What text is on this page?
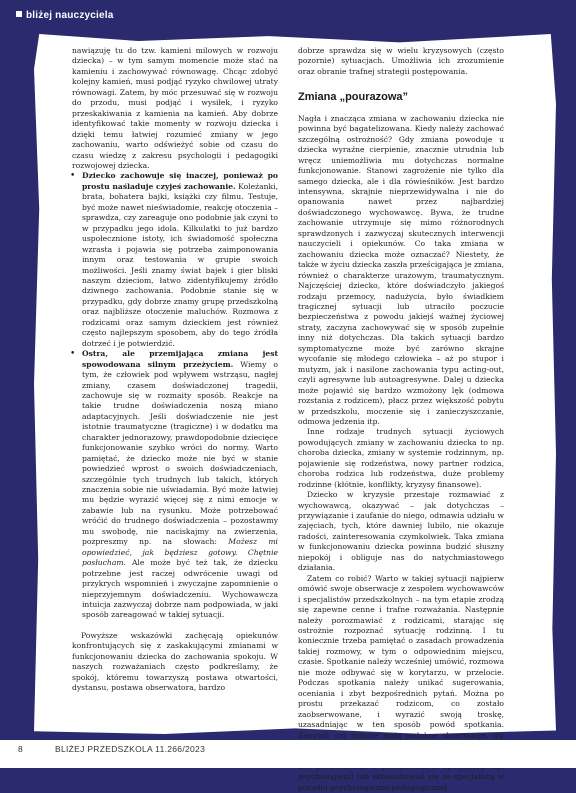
bliżej nauczyciela

nawiązuję tu do tzw. kamieni milowych w rozwoju dziecka) – w tym samym momencie może stać na kamieniu i zachowywać równowagę. Chcąc zdobyć kolejny kamień, musi podjąć ryzyko chwilowej utraty równowagi. Zatem, by móc przesuwać się w rozwoju do przodu, musi podjąć i wysiłek, i ryzyko przeskakiwania z kamienia na kamień. Aby dobrze identyfikować takie momenty w rozwoju dziecka i dzięki temu łatwiej rozumieć zmiany w jego zachowaniu, warto odświeżyć sobie od czasu do czasu wiedzę z zakresu psychologii i pedagogiki rozwojowej dziecka.

• Dziecko zachowuje się inaczej, ponieważ po prostu naśladuje czyjeś zachowanie. Koleżanki, brata, bohatera bajki, książki czy filmu. Testuje, być może nawet nieświadomie, reakcję otoczenia – sprawdza, czy zareaguje ono podobnie jak czyni to w przypadku jego idola. Kilkulatki to już bardzo uspołecznione istoty, ich świadomość społeczna wzrasta i pojawia się potrzeba zaimponowania innym oraz testowania w grupie swoich możliwości. Jeśli znamy świat bajek i gier bliski naszym dzieciom, łatwo zidentyfikujemy źródło dziwnego zachowania. Podobnie stanie się w przypadku, gdy dobrze znamy grupę przedszkolną oraz najbliższe otoczenie maluchów. Rozmowa z rodzicami oraz samym dzieckiem jest również często najlepszym sposobem, aby do tego źródła dotrzeć i je potwierdzić.

• Ostra, ale przemijająca zmiana jest spowodowana silnym przeżyciem. Wiemy o tym, że człowiek pod wpływem wstrząsu, nagłej zmiany, czasem doświadczonej tragedii, zachowuje się w rozmaity sposób. Reakcje na takie trudne doświadczenia noszą miano adaptacyjnych. Jeśli doświadczenie nie jest istotnie traumatyczne (tragiczne) i w dodatku ma charakter jednorazowy, prawdopodobnie dziecięce funkcjonowanie szybko wróci do normy. Warto pamiętać, że dziecko może nie być w stanie powiedzieć wprost o swoich doświadczeniach, szczególnie tych trudnych lub takich, których znaczenia sobie nie uświadamia. Być może łatwiej mu będzie wyrazić więcej się z nimi emocje w zabawie lub na rysunku. Może potrzebować wróćić do trudnego doświadczenia – pozostawmy mu swobodę, nie naciskajmy na zwierzenia, pozpreszmy np. na słowach: Możesz mi opowiedzieć, jak będziesz gotowy. Chętnie posłucham. Ale może być też tak, że dziecku potrzebne jest raczej odwrócenie uwagi od przykrych wspomnień i zwyczajne zapomnienie o nieprzyjemnym doświadczeniu. Wychowawcza intuicja zazwyczaj dobrze nam podpowiada, w jaki sposób zareagować w takiej sytuacji.

Powyższe wskazówki zachęcają opiekunów konfrontujących się z zaskakującymi zmianami w funkcjonowaniu dziecka do zachowania spokoju. W naszych rozważaniach często podkreślamy, że spokój, któremu towarzyszą postawa otwartości, dystansu, postawa obserwatora, bardzo

dobrze sprawdza się w wielu kryzysowych (często pozornie) sytuacjach. Umożliwia ich zrozumienie oraz obranie trafnej strategii postępowania.

Zmiana „pourazowa”

Nagła i znacząca zmiana w zachowaniu dziecka nie powinna być bagatelizowana. Kiedy należy zachować szczególną ostrożność? Gdy zmiana powoduje u dziecka wyraźne cierpienie, znacznie utrudnia lub wręcz uniemożliwia mu dotychczas normalne funkcjonowanie. Stanowi zagrożenie nie tylko dla samego dziecka, ale i dla rówieśników. Jest bardzo intensywna, skrajnie nieprzewidywalna i nie do opanowania nawet przez najbardziej doświadczonego wychowawcę. Bywa, że trudne zachowanie utrzymuje się mimo różnorodnych sprawdzonych i zazwyczaj skutecznych interwencji nauczycieli i opiekunów. Co taka zmiana w zachowaniu dziecka może oznaczać? Niestety, że także w życiu dziecka zaszła prześcigająca je zmiana, również o charakterze urazowym, traumatycznym. Najczęściej dziecko, które doświadczyło jakiegoś rodzaju przemocy, nadużycia, było świadkiem tragicznej sytuacji lub utraciło poczucie bezpieczeństwa z powodu jakiejś ważnej życiowej straty, zaczyna zachowywać się w sposób zupełnie inny niż dotychczas. Dla takich sytuacji bardzo symptomatyczne może być zarówno skrajne wycofanie się młodego człowieka – aż po stupor i mutyzm, jak i nasilone zachowania typu acting-out, czyli agresywne lub autoagresywne. Dalej u dziecka może pojawić się bardzo wzmożony lęk (odmowa rozstania z rodzicem), płacz przez większość pobytu w przedszkolu, moczenie się i zanieczyszczanie, odmowa jedzenia itp.

Inne rodzaje trudnych sytuacji życiowych powodujących zmiany w zachowaniu dziecka to np. choroba dziecka, zmiany w systemie rodzinnym, np. pojawienie się rodzeństwa, nowy partner rodzica, choroba rodzica lub rodzeństwa, duże problemy rodzinne (kłótnie, konflikty, kryzysy finansowe).

Dziecko w kryzysie przestaje rozmawiać z wychowawcą, okazywać – jak dotychczas – przywiązanie i zaufanie do niego, odmawia udziału w zajęciach, tych, które dawniej lubiło, nie okazuje radości, zainteresowania czymkolwiek. Taka zmiana w funkcjonowaniu dziecka powinna budzić słuszny niepokój i obliguje nas do natychmiastowego działania.

Zatem co robić? Warto w takiej sytuacji najpierw omówić swoje obserwacje z zespołem wychowawców i specjalistów przedszkolnych – na tym etapie zrodzą się zapewne cenne i trafne rozważania. Następnie należy porozmawiać z rodzicami, starając się ostrożnie rozpoznać sytuację rodzinną. I tu koniecznie trzeba pamiętać o zasadach prowadzenia takiej rozmowy, w tym o odpowiednim miejscu, czasie. Spotkanie należy wcześniej umówić, rozmowa nie może odbywać się w korytarzu, w przelocie. Podczas spotkania należy unikać sugerowania, oceniania i zbyt bezpośrednich pytań. Można po prostu przekazać rodzicom, co zostało zaobserwowane, i wyrazić swoją troskę, uzasadniając w ten sposób powód spotkania. Zapytać, czy rodzice mają podobne obserwacje, czy

psychologiem) lub skonsultowali się ze specjalistą w poradni psychologiczno-pedagogicznej.

8	BLIŻEJ PRZEDSZKOLA 11.266/2023
